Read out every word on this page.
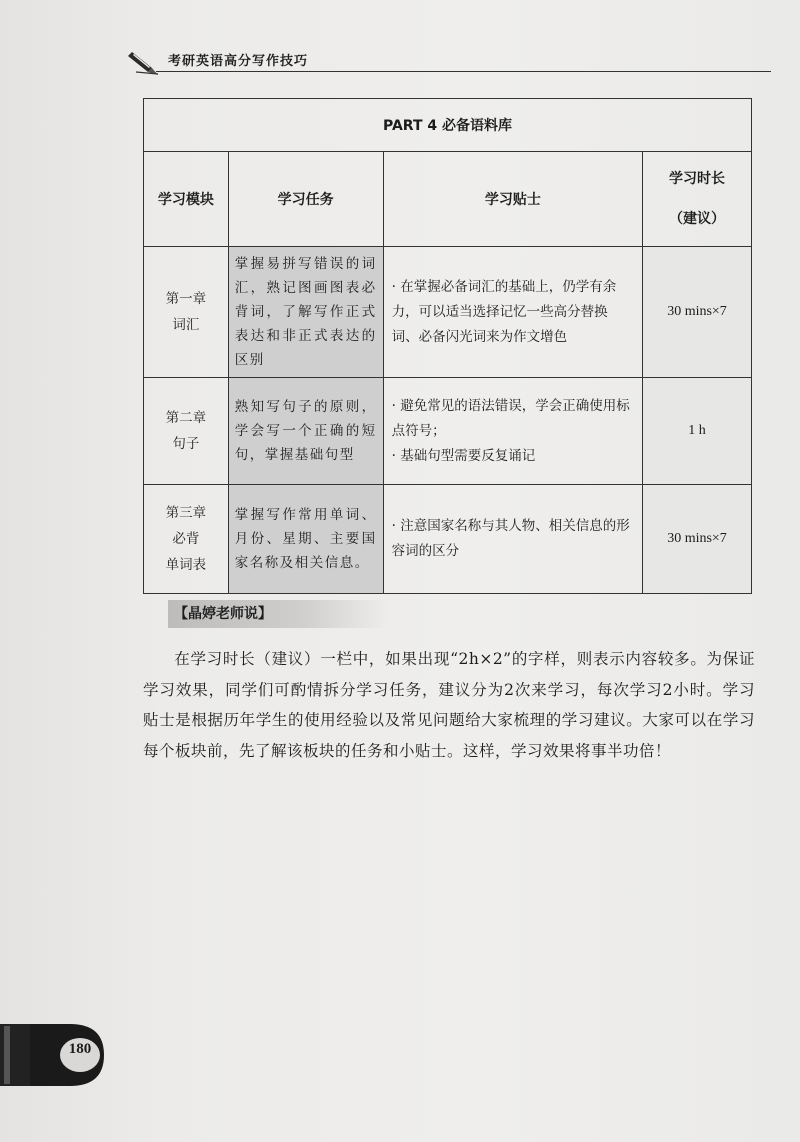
考研英语高分写作技巧
PART 4 必备语料库			
学习模块	学习任务	学习贴士	学习时长
（建议）

第一章
词汇	掌握易拼写错误的词汇，熟记图画图表必背词，了解写作正式表达和非正式表达的区别	· 在掌握必备词汇的基础上，仍学有余力，可以适当选择记忆一些高分替换词、必备闪光词来为作文增色	30 mins×7

第二章
句子	熟知写句子的原则，学会写一个正确的短句，掌握基础句型	· 避免常见的语法错误，学会正确使用标点符号；
· 基础句型需要反复诵记	1 h

第三章
必背
单词表	掌握写作常用单词、月份、星期、主要国家名称及相关信息。	· 注意国家名称与其人物、相关信息的形容词的区分	30 mins×7
【晶婷老师说】
在学习时长（建议）一栏中，如果出现“2h×2”的字样，则表示内容较多。为保证学习效果，同学们可酌情拆分学习任务，建议分为2次来学习，每次学习2小时。学习贴士是根据历年学生的使用经验以及常见问题给大家梳理的学习建议。大家可以在学习每个板块前，先了解该板块的任务和小贴士。这样，学习效果将事半功倍！
180
